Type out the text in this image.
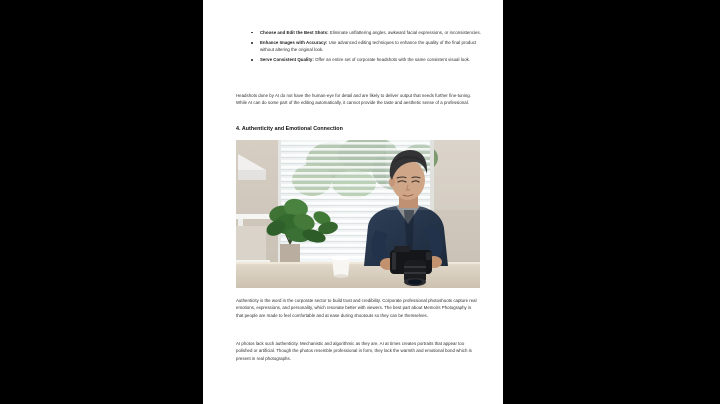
Choose and Edit the Best Shots: Eliminate unflattering angles, awkward facial expressions, or inconsistencies.
Enhance Images with Accuracy: Use advanced editing techniques to enhance the quality of the final product without altering the original look.
Serve Consistent Quality: Offer an entire set of corporate headshots with the same consistent visual look.

Headshots done by AI do not have the human-eye for detail and are likely to deliver output that needs further fine-tuning. While AI can do some part of the editing automatically, it cannot provide the taste and aesthetic sense of a professional.

4. Authenticity and Emotional Connection

Authenticity is the word in the corporate sector to build trust and credibility. Corporate professional photoshoots capture real emotions, expressions, and personality, which resonate better with viewers. The best part about Memoirs Photography is that people are made to feel comfortable and at ease during shootouts so they can be themselves.

AI photos lack such authenticity. Mechanistic and algorithmic as they are, AI at times creates portraits that appear too polished or artificial. Though the photos resemble professional in form, they lack the warmth and emotional bond which is present in real photographs.
